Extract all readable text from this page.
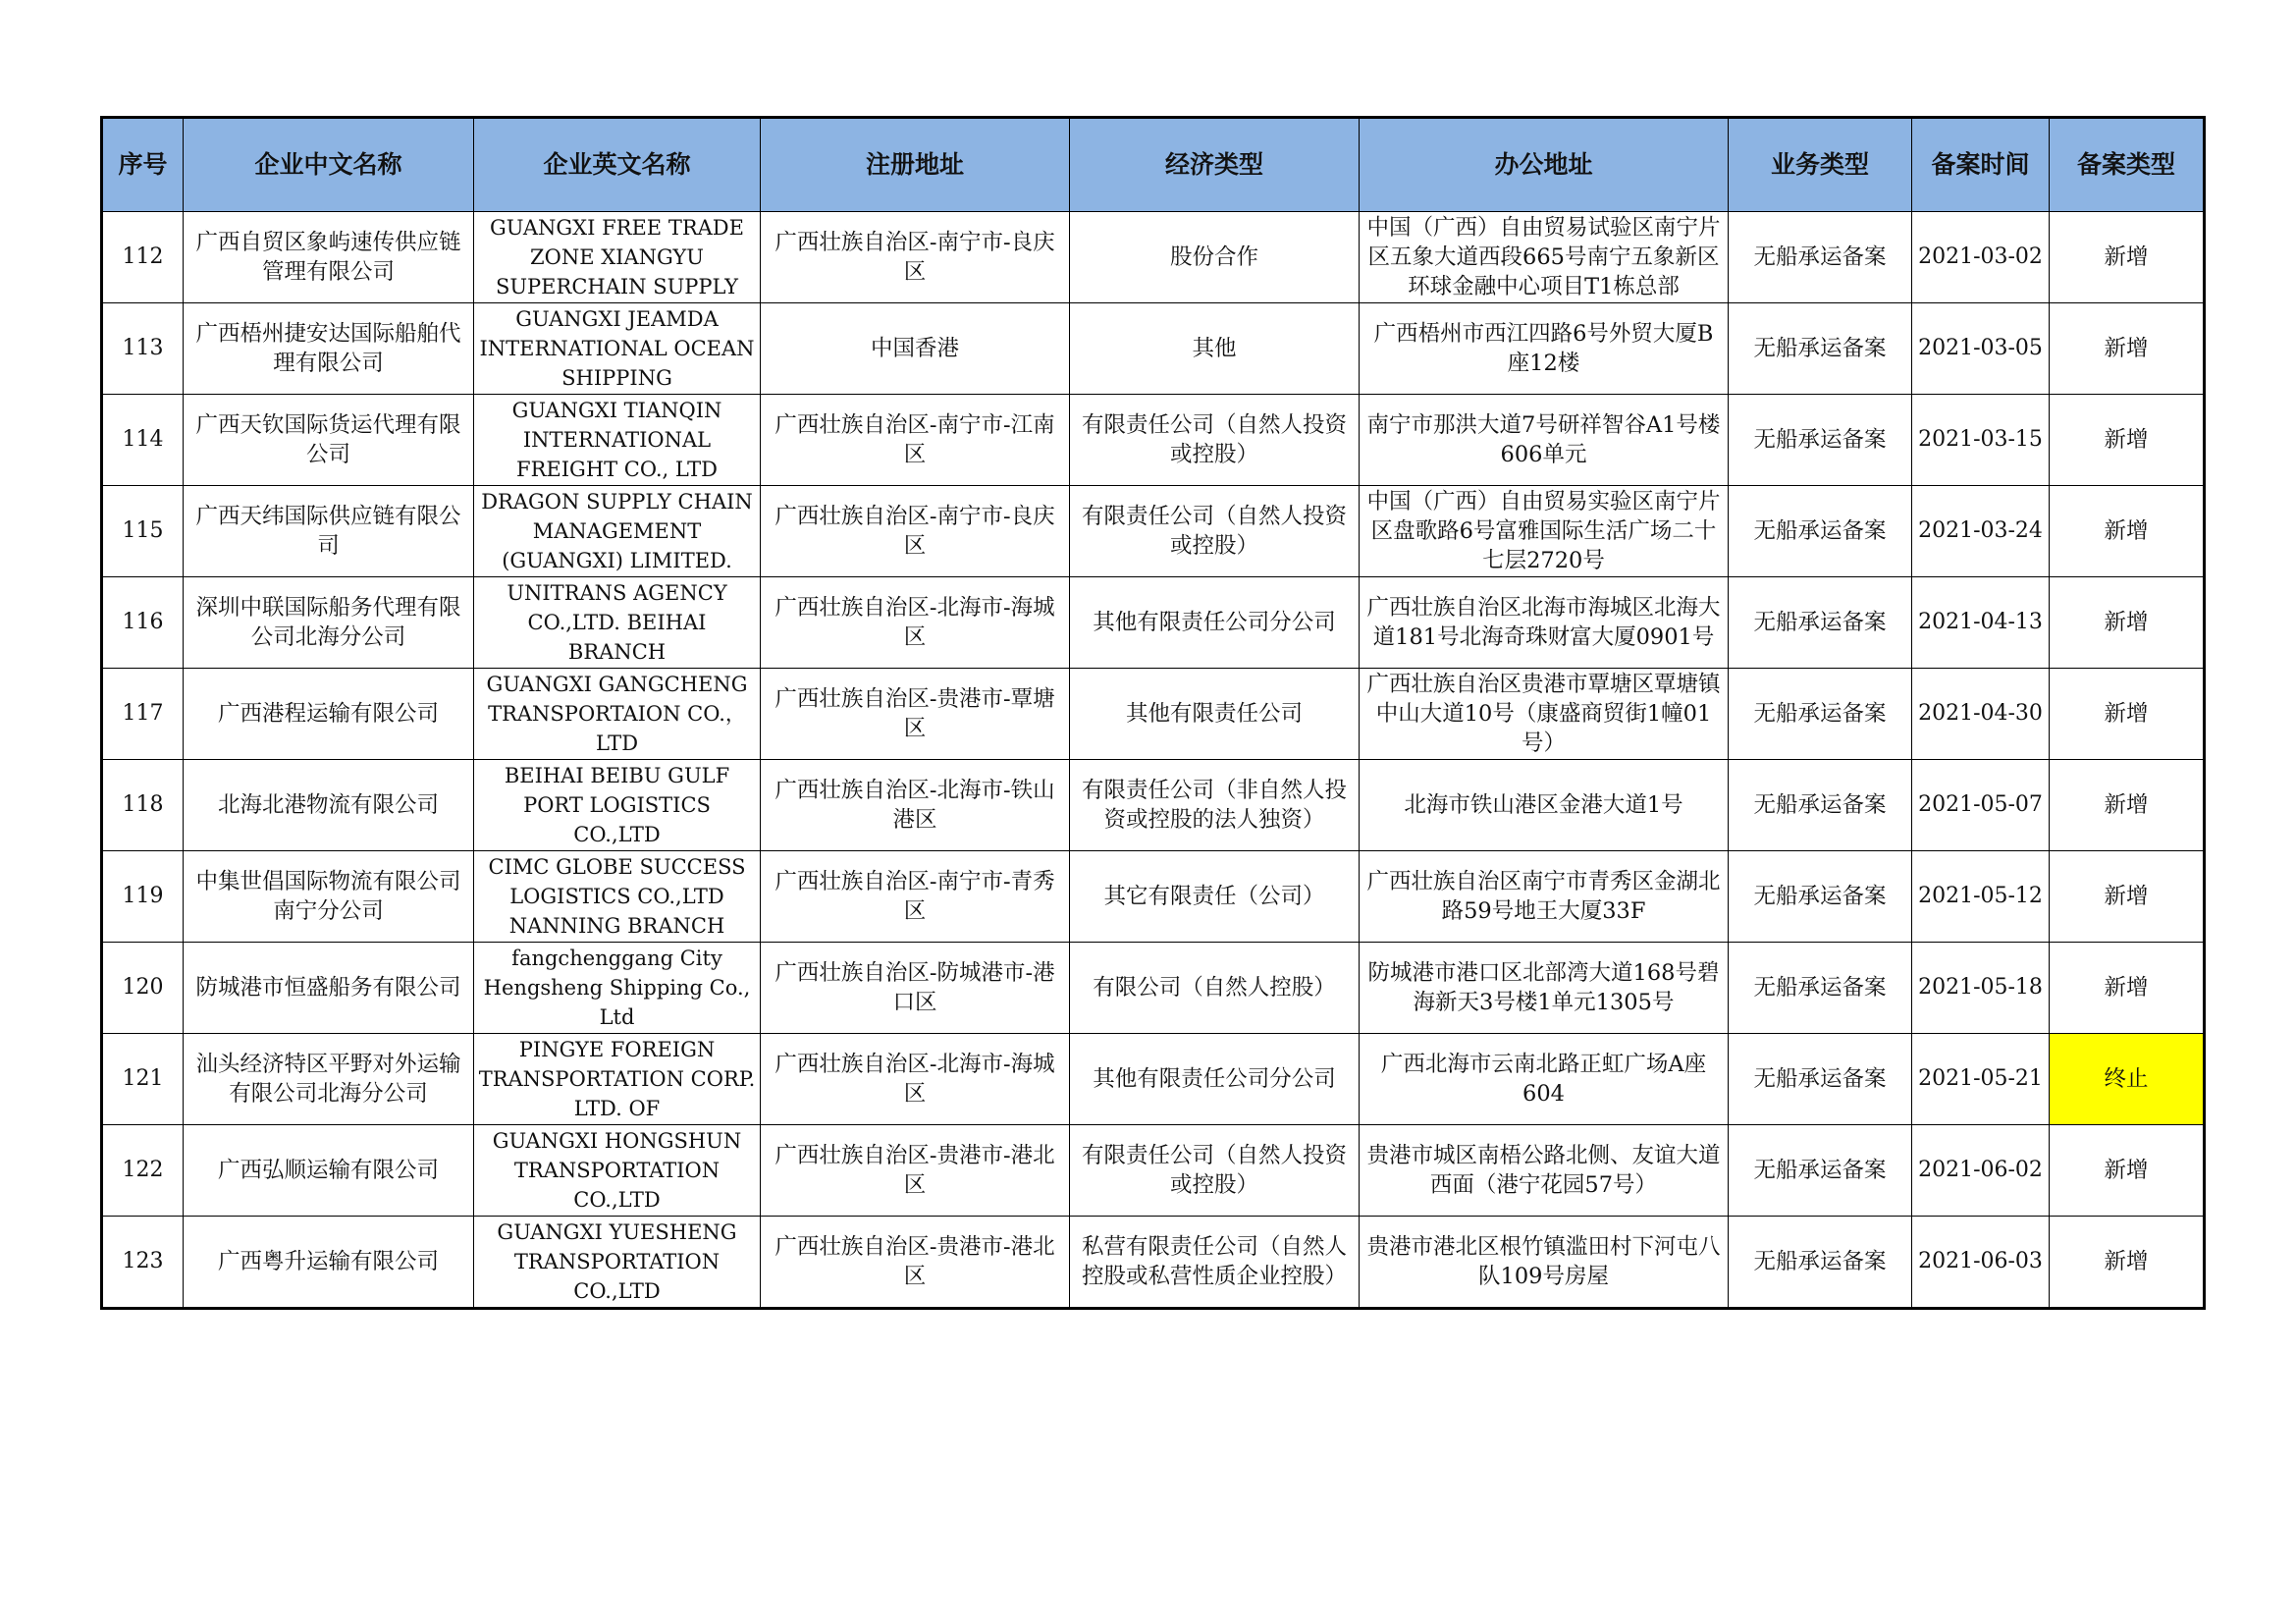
序号	企业中文名称	企业英文名称	注册地址	经济类型	办公地址	业务类型	备案时间	备案类型
112	广西自贸区象屿速传供应链管理有限公司	GUANGXI FREE TRADE ZONE XIANGYU SUPERCHAIN SUPPLY	广西壮族自治区-南宁市-良庆区	股份合作	中国（广西）自由贸易试验区南宁片区五象大道西段665号南宁五象新区环球金融中心项目T1栋总部	无船承运备案	2021-03-02	新增
113	广西梧州捷安达国际船舶代理有限公司	GUANGXI JEAMDA INTERNATIONAL OCEAN SHIPPING	中国香港	其他	广西梧州市西江四路6号外贸大厦B座12楼	无船承运备案	2021-03-05	新增
114	广西天钦国际货运代理有限公司	GUANGXI TIANQIN INTERNATIONAL FREIGHT CO., LTD	广西壮族自治区-南宁市-江南区	有限责任公司（自然人投资或控股）	南宁市那洪大道7号研祥智谷A1号楼606单元	无船承运备案	2021-03-15	新增
115	广西天纬国际供应链有限公司	DRAGON SUPPLY CHAIN MANAGEMENT (GUANGXI) LIMITED.	广西壮族自治区-南宁市-良庆区	有限责任公司（自然人投资或控股）	中国（广西）自由贸易实验区南宁片区盘歌路6号富雅国际生活广场二十七层2720号	无船承运备案	2021-03-24	新增
116	深圳中联国际船务代理有限公司北海分公司	UNITRANS AGENCY CO.,LTD. BEIHAI BRANCH	广西壮族自治区-北海市-海城区	其他有限责任公司分公司	广西壮族自治区北海市海城区北海大道181号北海奇珠财富大厦0901号	无船承运备案	2021-04-13	新增
117	广西港程运输有限公司	GUANGXI GANGCHENG TRANSPORTAION CO.，LTD	广西壮族自治区-贵港市-覃塘区	其他有限责任公司	广西壮族自治区贵港市覃塘区覃塘镇中山大道10号（康盛商贸街1幢01号）	无船承运备案	2021-04-30	新增
118	北海北港物流有限公司	BEIHAI BEIBU GULF PORT LOGISTICS CO.,LTD	广西壮族自治区-北海市-铁山港区	有限责任公司（非自然人投资或控股的法人独资）	北海市铁山港区金港大道1号	无船承运备案	2021-05-07	新增
119	中集世倡国际物流有限公司南宁分公司	CIMC GLOBE SUCCESS LOGISTICS CO.,LTD NANNING BRANCH	广西壮族自治区-南宁市-青秀区	其它有限责任（公司）	广西壮族自治区南宁市青秀区金湖北路59号地王大厦33F	无船承运备案	2021-05-12	新增
120	防城港市恒盛船务有限公司	fangchenggang City Hengsheng Shipping Co., Ltd	广西壮族自治区-防城港市-港口区	有限公司（自然人控股）	防城港市港口区北部湾大道168号碧海新天3号楼1单元1305号	无船承运备案	2021-05-18	新增
121	汕头经济特区平野对外运输有限公司北海分公司	PINGYE FOREIGN TRANSPORTATION CORP. LTD. OF	广西壮族自治区-北海市-海城区	其他有限责任公司分公司	广西北海市云南北路正虹广场A座604	无船承运备案	2021-05-21	终止
122	广西弘顺运输有限公司	GUANGXI HONGSHUN TRANSPORTATION CO.,LTD	广西壮族自治区-贵港市-港北区	有限责任公司（自然人投资或控股）	贵港市城区南梧公路北侧、友谊大道西面（港宁花园57号）	无船承运备案	2021-06-02	新增
123	广西粤升运输有限公司	GUANGXI YUESHENG TRANSPORTATION CO.,LTD	广西壮族自治区-贵港市-港北区	私营有限责任公司（自然人控股或私营性质企业控股）	贵港市港北区根竹镇滥田村下河屯八队109号房屋	无船承运备案	2021-06-03	新增
